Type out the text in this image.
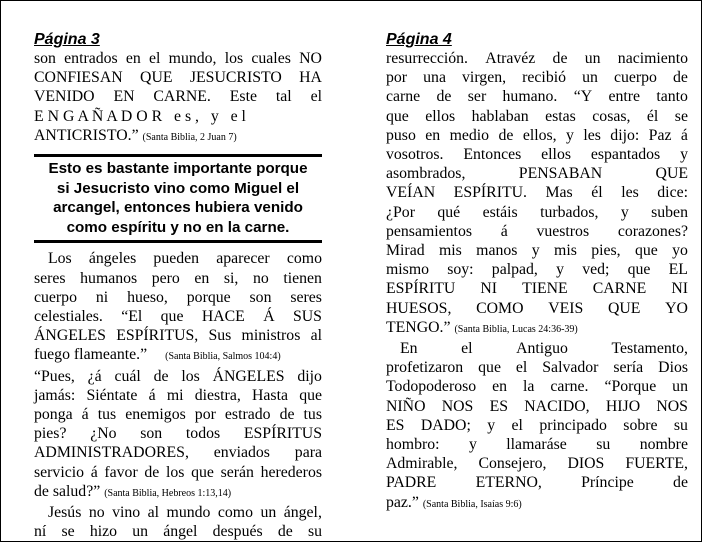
Página 3
son entrados en el mundo, los cuales NO
CONFIESAN QUE JESUCRISTO HA
VENIDO EN CARNE. Este tal el
E N G A Ñ A D O R   e s ,   y   e l
ANTICRISTO.” (Santa Biblia, 2 Juan 7)
Esto es bastante importante porque
si Jesucristo vino como Miguel el
arcangel, entonces hubiera venido
como espíritu y no en la carne.
Los ángeles pueden aparecer como
seres humanos pero en si, no tienen
cuerpo ni hueso, porque son seres
celestiales. “El que HACE Á SUS
ÁNGELES ESPÍRITUS, Sus ministros al
fuego flameante.” (Santa Biblia, Salmos 104:4)
“Pues, ¿á cuál de los ÁNGELES dijo
jamás: Siéntate á mi diestra, Hasta que
ponga á tus enemigos por estrado de tus
pies? ¿No son todos ESPÍRITUS
ADMINISTRADORES, enviados para
servicio á favor de los que serán herederos
de salud?” (Santa Biblia, Hebreos 1:13,14)
Jesús no vino al mundo como un ángel,
ní se hizo un ángel después de su
Página 4
resurrección. Atravéz de un nacimiento
por una virgen, recibió un cuerpo de
carne de ser humano. “Y entre tanto
que ellos hablaban estas cosas, él se
puso en medio de ellos, y les dijo: Paz á
vosotros. Entonces ellos espantados y
asombrados,	PENSABAN	QUE
VEÍAN ESPÍRITU. Mas él les dice:
¿Por qué estáis turbados, y suben
pensamientos á vuestros corazones?
Mirad mis manos y mis pies, que yo
mismo soy: palpad, y ved; que EL
ESPÍRITU NI TIENE CARNE NI
HUESOS, COMO VEIS QUE YO
TENGO.” (Santa Biblia, Lucas 24:36-39)
En	el	Antiguo	Testamento,
profetizaron que el Salvador sería Dios
Todopoderoso en la carne. “Porque un
NIÑO NOS ES NACIDO, HIJO NOS
ES DADO; y el principado sobre su
hombro: y llamaráse su nombre
Admirable, Consejero, DIOS FUERTE,
PADRE ETERNO, Príncipe de
paz.” (Santa Biblia, Isaías 9:6)
